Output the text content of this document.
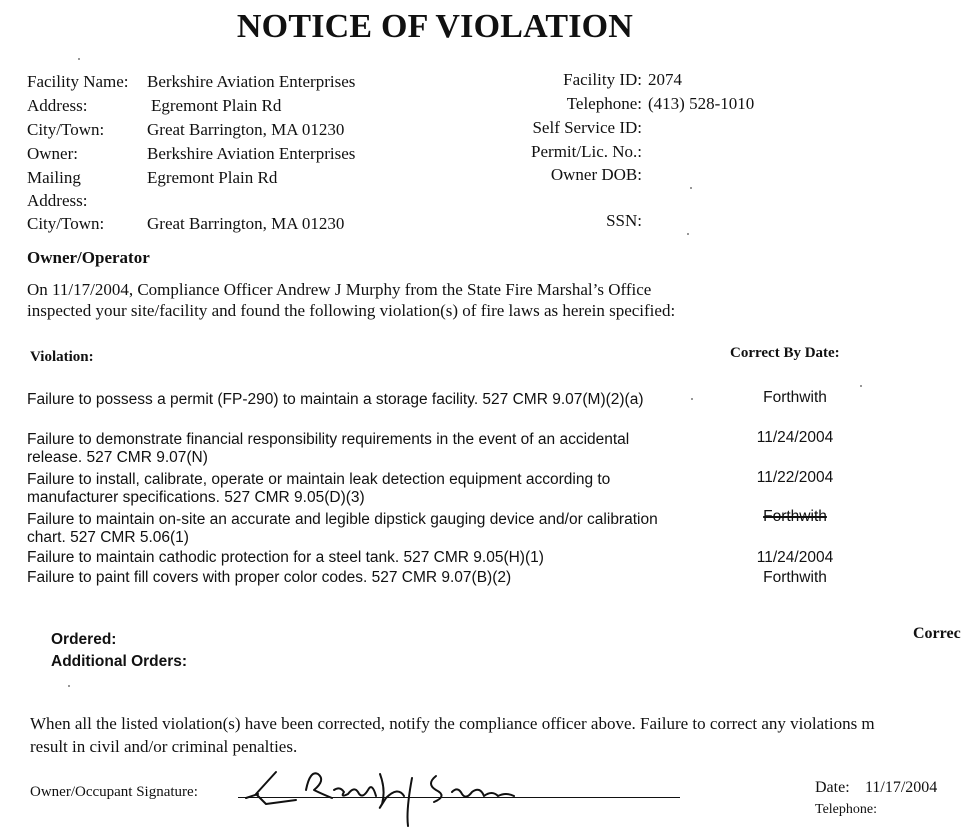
NOTICE OF VIOLATION
Facility Name: Berkshire Aviation Enterprises
Address:	Egremont Plain Rd
City/Town:	Great Barrington, MA 01230
Owner:	Berkshire Aviation Enterprises
Mailing	Egremont Plain Rd
Address:
City/Town:	Great Barrington, MA 01230
Facility ID: 2074
Telephone: (413) 528-1010
Self Service ID:
Permit/Lic. No.:
Owner DOB:
SSN:
Owner/Operator
On 11/17/2004, Compliance Officer Andrew J Murphy from the State Fire Marshal’s Office
inspected your site/facility and found the following violation(s) of fire laws as herein specified:
Violation:	Correct By Date:
Failure to possess a permit (FP-290) to maintain a storage facility. 527 CMR 9.07(M)(2)(a)	Forthwith
Failure to demonstrate financial responsibility requirements in the event of an accidental release. 527 CMR 9.07(N)
11/24/2004
Failure to install, calibrate, operate or maintain leak detection equipment according to manufacturer specifications. 527 CMR 9.05(D)(3)
11/22/2004
Failure to maintain on-site an accurate and legible dipstick gauging device and/or calibration chart. 527 CMR 5.06(1)
Forthwith
Failure to maintain cathodic protection for a steel tank. 527 CMR 9.05(H)(1)	11/24/2004
Failure to paint fill covers with proper color codes. 527 CMR 9.07(B)(2)	Forthwith
Ordered:
Additional Orders:
Correc
When all the listed violation(s) have been corrected, notify the compliance officer above. Failure to correct any violations m
result in civil and/or criminal penalties.
Owner/Occupant Signature:	Date: 11/17/2004
Telephone:
